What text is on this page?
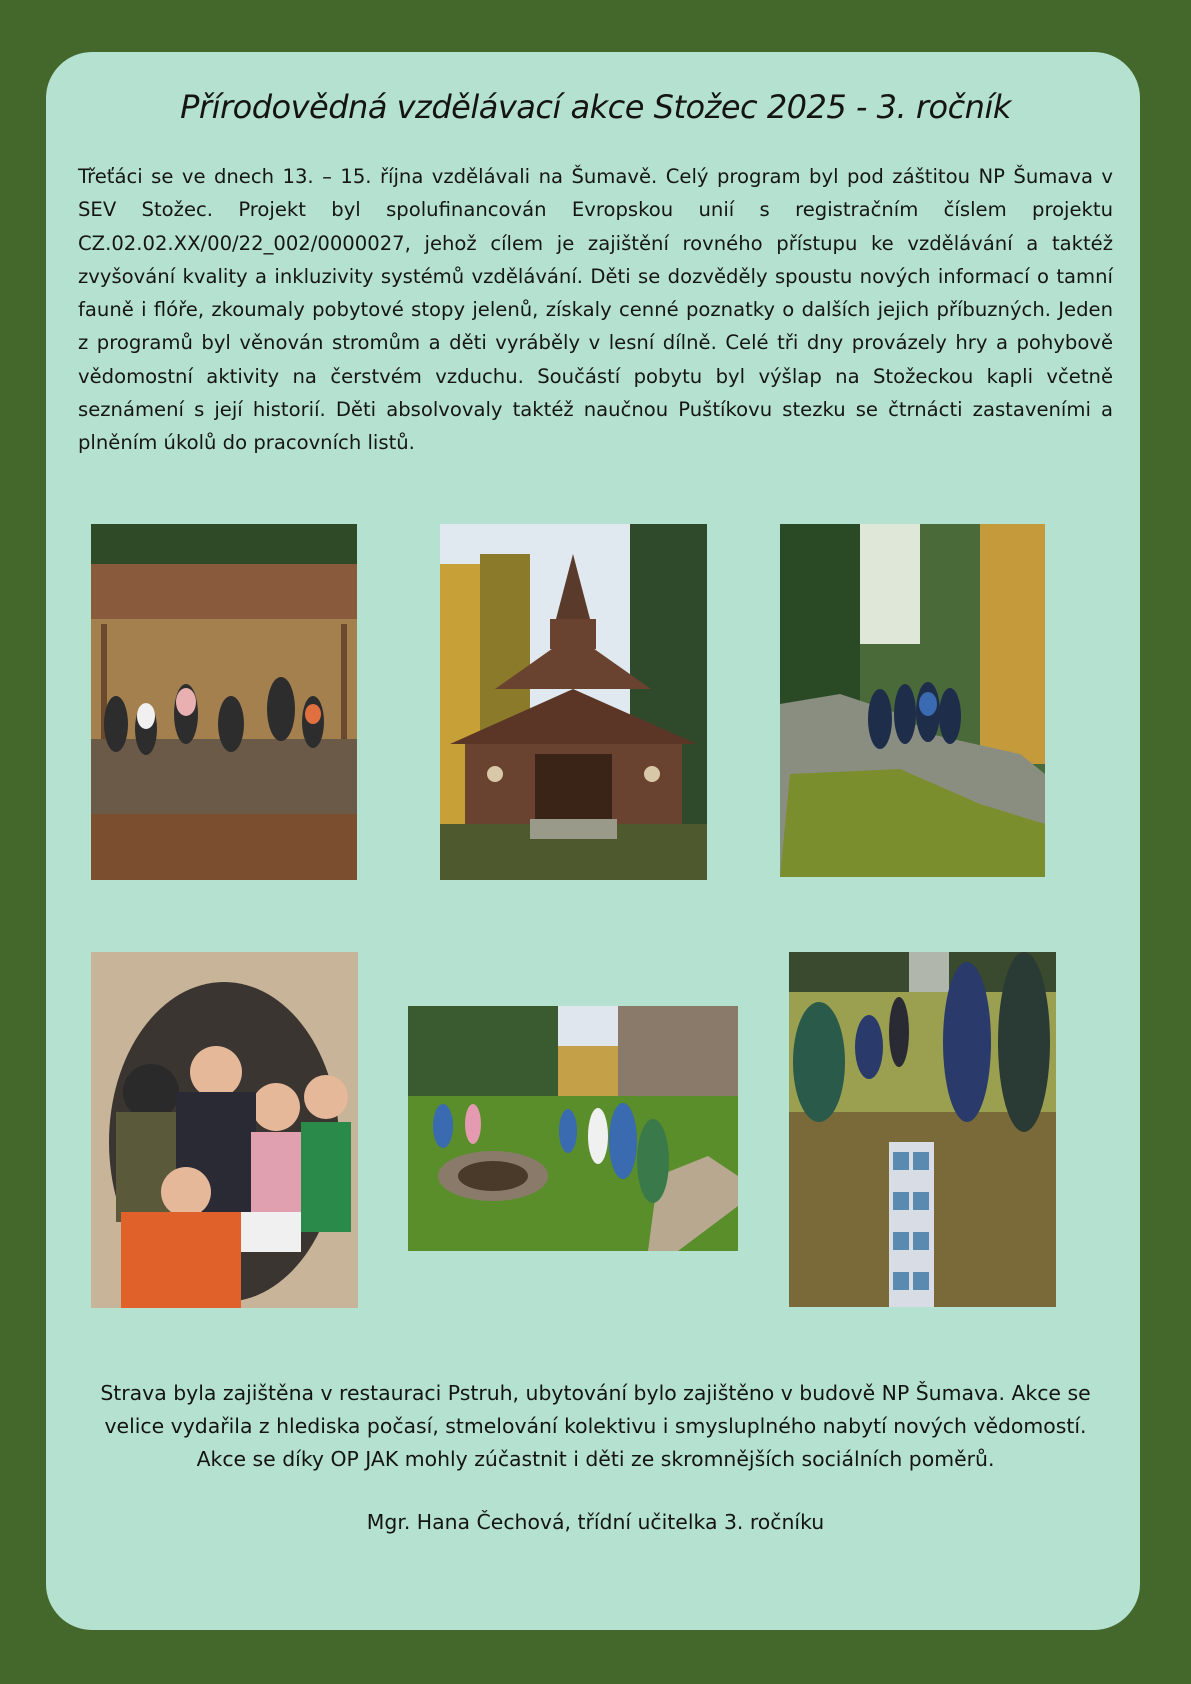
Přírodovědná vzdělávací akce Stožec 2025 - 3. ročník

Třeťáci se ve dnech 13. – 15. října vzdělávali na Šumavě. Celý program byl pod záštitou NP Šumava v SEV Stožec. Projekt byl spolufinancován Evropskou unií s registračním číslem projektu CZ.02.02.XX/00/22_002/0000027, jehož cílem je zajištění rovného přístupu ke vzdělávání a taktéž zvyšování kvality a inkluzivity systémů vzdělávání. Děti se dozvěděly spoustu nových informací o tamní fauně i flóře, zkoumaly pobytové stopy jelenů, získaly cenné poznatky o dalších jejich příbuzných. Jeden z programů byl věnován stromům a děti vyráběly v lesní dílně. Celé tři dny provázely hry a pohybově vědomostní aktivity na čerstvém vzduchu. Součástí pobytu byl výšlap na Stožeckou kapli včetně seznámení s její historií. Děti absolvovaly taktéž naučnou Puštíkovu stezku se čtrnácti zastaveními a plněním úkolů do pracovních listů.

Strava byla zajištěna v restauraci Pstruh, ubytování bylo zajištěno v budově NP Šumava. Akce se
velice vydařila z hlediska počasí, stmelování kolektivu i smysluplného nabytí nových vědomostí.
Akce se díky OP JAK mohly zúčastnit i děti ze skromnějších sociálních poměrů.

Mgr. Hana Čechová, třídní učitelka 3. ročníku
